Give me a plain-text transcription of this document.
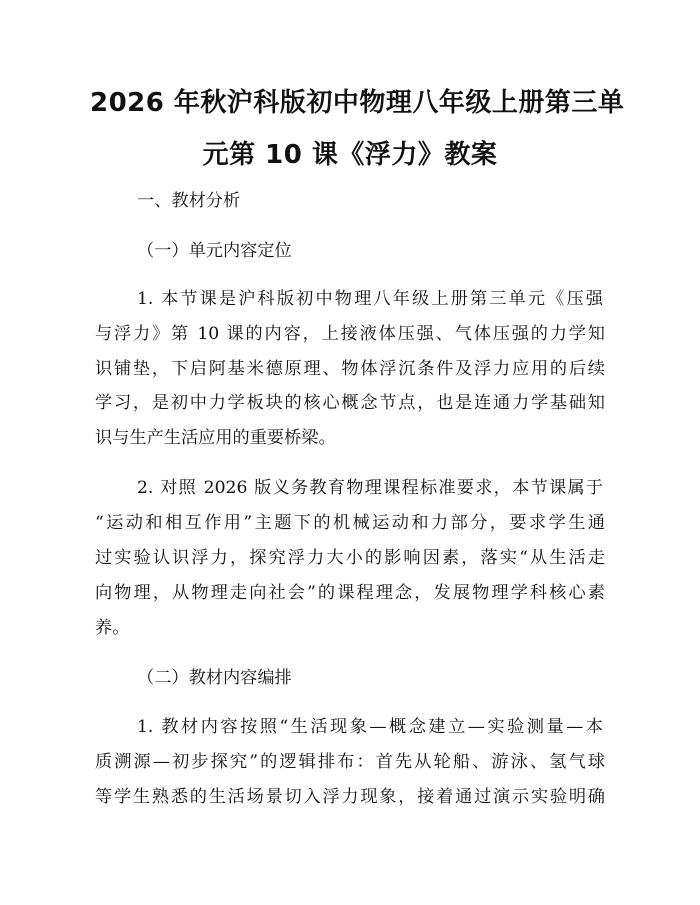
2026 年秋沪科版初中物理八年级上册第三单
元第 10 课《浮力》教案
一、教材分析
（一）单元内容定位
1. 本节课是沪科版初中物理八年级上册第三单元《压强
与浮力》第 10 课的内容，上接液体压强、气体压强的力学知
识铺垫，下启阿基米德原理、物体浮沉条件及浮力应用的后续
学习，是初中力学板块的核心概念节点，也是连通力学基础知
识与生产生活应用的重要桥梁。
2. 对照 2026 版义务教育物理课程标准要求，本节课属于
“运动和相互作用”主题下的机械运动和力部分，要求学生通
过实验认识浮力，探究浮力大小的影响因素，落实“从生活走
向物理，从物理走向社会”的课程理念，发展物理学科核心素
养。
（二）教材内容编排
1. 教材内容按照“生活现象—概念建立—实验测量—本
质溯源—初步探究”的逻辑排布：首先从轮船、游泳、氢气球
等学生熟悉的生活场景切入浮力现象，接着通过演示实验明确
